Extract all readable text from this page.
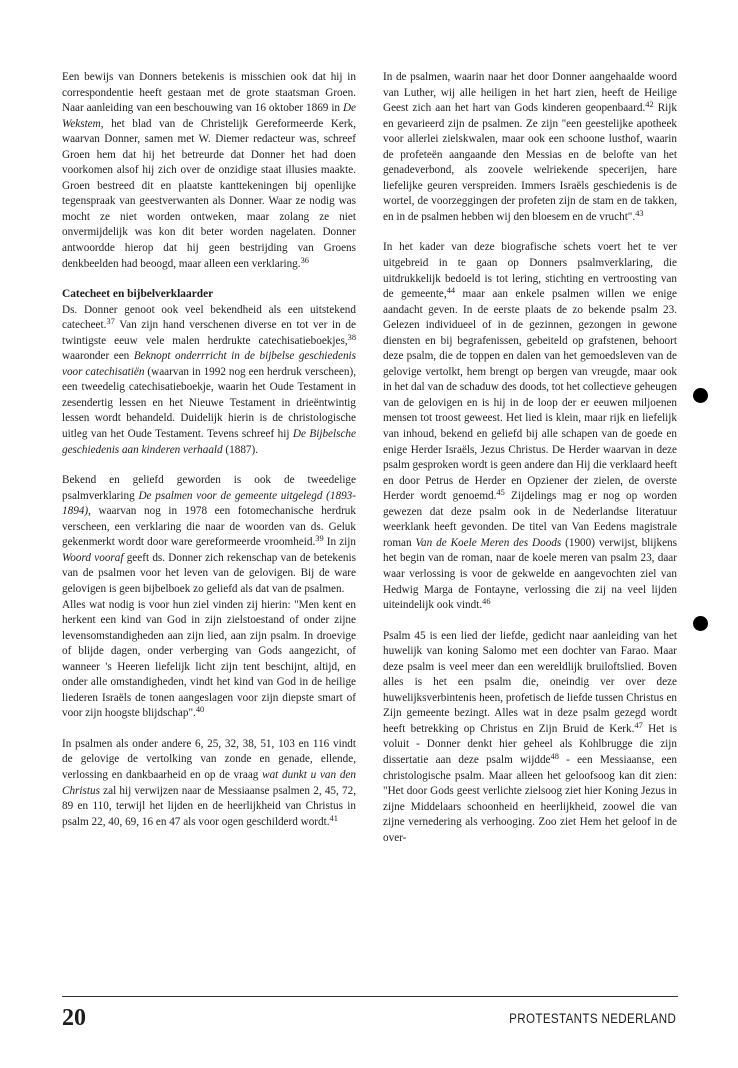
Een bewijs van Donners betekenis is misschien ook dat hij in correspondentie heeft gestaan met de grote staatsman Groen. Naar aanleiding van een beschouwing van 16 oktober 1869 in De Wekstem, het blad van de Christelijk Gereformeerde Kerk, waarvan Donner, samen met W. Diemer redacteur was, schreef Groen hem dat hij het betreurde dat Donner het had doen voorkomen alsof hij zich over de onzidige staat illusies maakte. Groen bestreed dit en plaatste kanttekeningen bij openlijke tegenspraak van geestverwanten als Donner. Waar ze nodig was mocht ze niet worden ontweken, maar zolang ze niet onvermijdelijk was kon dit beter worden nagelaten. Donner antwoordde hierop dat hij geen bestrijding van Groens denkbeelden had beoogd, maar alleen een verklaring.$^{36}$

Catecheet en bijbelverklaarder

Ds. Donner genoot ook veel bekendheid als een uitstekend catecheet.$^{37}$ Van zijn hand verschenen diverse en tot ver in de twintigste eeuw vele malen herdrukte catechisatieboekjes,$^{38}$ waaronder een Beknopt onderrricht in de bijbelse geschiedenis voor catechisatiën (waarvan in 1992 nog een herdruk verscheen), een tweedelig catechisatieboekje, waarin het Oude Testament in zesendertig lessen en het Nieuwe Testament in drieëntwintig lessen wordt behandeld. Duidelijk hierin is de christologische uitleg van het Oude Testament. Tevens schreef hij De Bijbelsche geschiedenis aan kinderen verhaald (1887).

Bekend en geliefd geworden is ook de tweedelige psalmverklaring De psalmen voor de gemeente uitgelegd (1893-1894), waarvan nog in 1978 een fotomechanische herdruk verscheen, een verklaring die naar de woorden van ds. Geluk gekenmerkt wordt door ware gereformeerde vroomheid.$^{39}$ In zijn Woord vooraf geeft ds. Donner zich rekenschap van de betekenis van de psalmen voor het leven van de gelovigen. Bij de ware gelovigen is geen bijbelboek zo geliefd als dat van de psalmen.

Alles wat nodig is voor hun ziel vinden zij hierin: "Men kent en herkent een kind van God in zijn zielstoestand of onder zijne levensomstandigheden aan zijn lied, aan zijn psalm. In droevige of blijde dagen, onder verberging van Gods aangezicht, of wanneer 's Heeren liefelijk licht zijn tent beschijnt, altijd, en onder alle omstandigheden, vindt het kind van God in de heilige liederen Israëls de tonen aangeslagen voor zijn diepste smart of voor zijn hoogste blijdschap".$^{40}$

In psalmen als onder andere 6, 25, 32, 38, 51, 103 en 116 vindt de gelovige de vertolking van zonde en genade, ellende, verlossing en dankbaarheid en op de vraag wat dunkt u van den Christus zal hij verwijzen naar de Messiaanse psalmen 2, 45, 72, 89 en 110, terwijl het lijden en de heerlijkheid van Christus in psalm 22, 40, 69, 16 en 47 als voor ogen geschilderd wordt.$^{41}$

In de psalmen, waarin naar het door Donner aangehaalde woord van Luther, wij alle heiligen in het hart zien, heeft de Heilige Geest zich aan het hart van Gods kinderen geopenbaard.$^{42}$ Rijk en gevarieerd zijn de psalmen. Ze zijn "een geestelijke apotheek voor allerlei zielskwalen, maar ook een schoone lusthof, waarin de profeteën aangaande den Messias en de belofte van het genadeverbond, als zoovele welriekende specerijen, hare liefelijke geuren verspreiden. Immers Israëls geschiedenis is de wortel, de voorzeggingen der profeten zijn de stam en de takken, en in de psalmen hebben wij den bloesem en de vrucht".$^{43}$

In het kader van deze biografische schets voert het te ver uitgebreid in te gaan op Donners psalmverklaring, die uitdrukkelijk bedoeld is tot lering, stichting en vertroosting van de gemeente,$^{44}$ maar aan enkele psalmen willen we enige aandacht geven. In de eerste plaats de zo bekende psalm 23. Gelezen individueel of in de gezinnen, gezongen in gewone diensten en bij begrafenissen, gebeiteld op grafstenen, behoort deze psalm, die de toppen en dalen van het gemoedsleven van de gelovige vertolkt, hem brengt op bergen van vreugde, maar ook in het dal van de schaduw des doods, tot het collectieve geheugen van de gelovigen en is hij in de loop der er eeuwen miljoenen mensen tot troost geweest. Het lied is klein, maar rijk en liefelijk van inhoud, bekend en geliefd bij alle schapen van de goede en enige Herder Israëls, Jezus Christus. De Herder waarvan in deze psalm gesproken wordt is geen andere dan Hij die verklaard heeft en door Petrus de Herder en Opziener der zielen, de overste Herder wordt genoemd.$^{45}$ Zijdelings mag er nog op worden gewezen dat deze psalm ook in de Nederlandse literatuur weerklank heeft gevonden. De titel van Van Eedens magistrale roman Van de Koele Meren des Doods (1900) verwijst, blijkens het begin van de roman, naar de koele meren van psalm 23, daar waar verlossing is voor de gekwelde en aangevochten ziel van Hedwig Marga de Fontayne, verlossing die zij na veel lijden uiteindelijk ook vindt.$^{46}$

Psalm 45 is een lied der liefde, gedicht naar aanleiding van het huwelijk van koning Salomo met een dochter van Farao. Maar deze psalm is veel meer dan een wereldlijk bruiloftslied. Boven alles is het een psalm die, oneindig ver over deze huwelijksverbintenis heen, profetisch de liefde tussen Christus en Zijn gemeente bezingt. Alles wat in deze psalm gezegd wordt heeft betrekking op Christus en Zijn Bruid de Kerk.$^{47}$ Het is voluit - Donner denkt hier geheel als Kohlbrugge die zijn dissertatie aan deze psalm wijdde$^{48}$ - een Messiaanse, een christologische psalm. Maar alleen het geloofsoog kan dit zien: "Het door Gods geest verlichte zielsoog ziet hier Koning Jezus in zijne Middelaars schoonheid en heerlijkheid, zoowel die van zijne vernedering als verhooging. Zoo ziet Hem het geloof in de over-

20	PROTESTANTS NEDERLAND
